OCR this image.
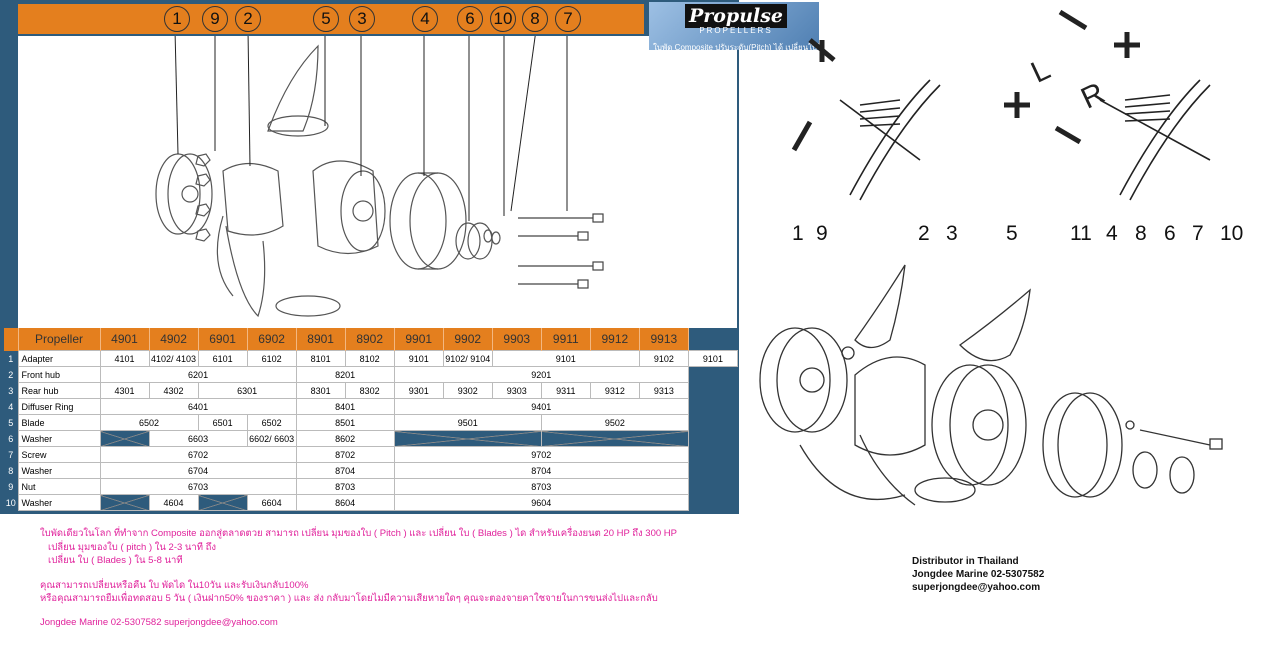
1	9	2	5	3	4	6	10	8	7	Propulse
PROPELLERS
ใบพัด Composite ปรับระดับ(Pitch) ได้ เปลี่ยนใบได้
	Propeller	4901	4902	6901	6902	8901	8902	9901	9902	9903	9911	9912	9913	
1	Adapter	4101	4102/ 4103	6101	6102	8101	8102	9101	9102/ 9104	9101			9102	9101
2	Front hub	6201				8201		9201						
3	Rear hub	4301	4302	6301		8301	8302	9301	9302	9303	9311	9312	9313	
4	Diffuser Ring	6401				8401		9401						
5	Blade	6502		6501	6502	8501		9501			9502			
6	Washer		6603		6602/ 6603	8602								
7	Screw	6702				8702		9702						
8	Washer	6704				8704		8704						
9	Nut	6703				8703		8703						
10	Washer		4604		6604	8604		9604						
L
R
1 9	2 3 5 11 4 8 6 7 10
ใบพัดเดียวในโลก ที่ทำจาก Composite ออกสู่ตลาดตวย สามารถ เปลี่ยน มุมของใบ ( Pitch ) และ เปลี่ยน ใบ ( Blades ) ได สำหรับเครื่องยนต 20 HP ถึง 300 HP
เปลี่ยน มุมของใบ ( pitch ) ใน 2-3 นาที ถึง
เปลี่ยน ใบ ( Blades ) ใน 5-8 นาที
คุณสามารถเปลี่ยนหรือคืน ใบ พัดได ใน10วัน และรับเงินกลับ100%
หรือคุณสามารถยืมเพื่อทดสอบ 5 วัน ( เงินฝาก50% ของราคา ) และ ส่ง กลับมาโดยไมมีความเสียหายใดๆ คุณจะตองจายคาใชจายในการขนส่งไปและกลับ
Jongdee Marine 02-5307582 superjongdee@yahoo.com
Distributor in Thailand
Jongdee Marine 02-5307582
superjongdee@yahoo.com
